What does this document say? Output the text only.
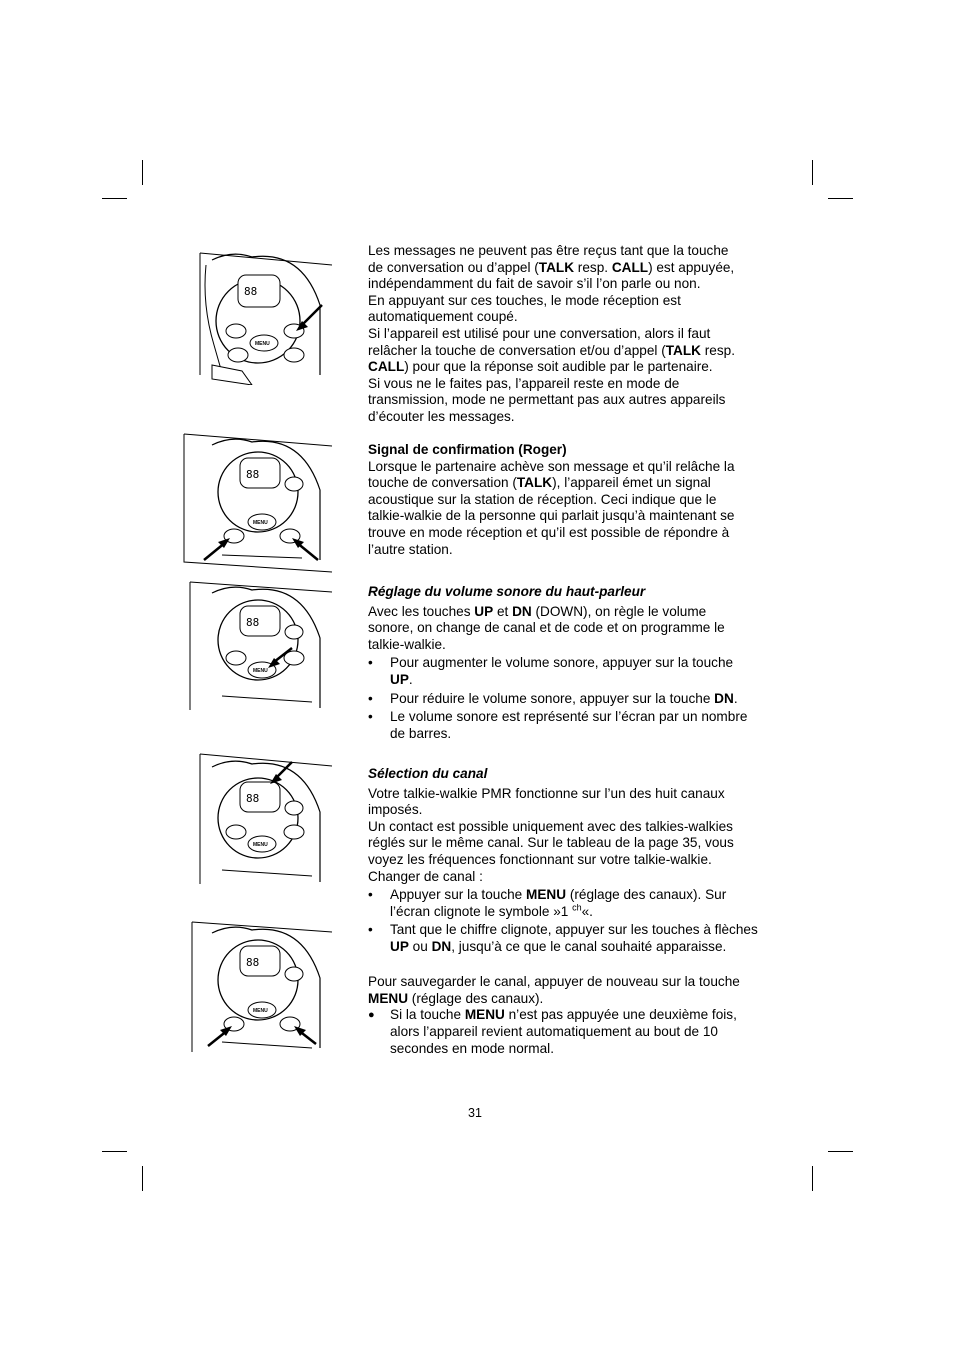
88
MENU
88
MENU
88
MENU
88
MENU
88
MENU

Les messages ne peuvent pas être reçus tant que la touche

de conversation ou d’appel (TALK resp. CALL) est appuyée,

indépendamment du fait de savoir s’il l’on parle ou non.

En appuyant sur ces touches, le mode réception est

automatiquement coupé.

Si l’appareil est utilisé pour une conversation, alors il faut

relâcher la touche de conversation et/ou d’appel (TALK resp.

CALL) pour que la réponse soit audible par le partenaire.

Si vous ne le faites pas, l’appareil reste en mode de

transmission, mode ne permettant pas aux autres appareils

d’écouter les messages.

Signal de confirmation (Roger)

Lorsque le partenaire achève son message et qu’il relâche la

touche de conversation (TALK), l’appareil émet un signal

acoustique sur la station de réception. Ceci indique que le

talkie-walkie de la personne qui parlait jusqu’à maintenant se

trouve en mode réception et qu’il est possible de répondre à

l’autre station.

Réglage du volume sonore du haut-parleur

Avec les touches UP et DN (DOWN), on règle le volume

sonore, on change de canal et de code et on programme le

talkie-walkie.

•	Pour augmenter le volume sonore, appuyer sur la touche
UP.
•	Pour réduire le volume sonore, appuyer sur la touche DN.
•	Le volume sonore est représenté sur l’écran par un nombre de barres.

Sélection du canal

Votre talkie-walkie PMR fonctionne sur l’un des huit canaux

imposés.

Un contact est possible uniquement avec des talkies-walkies

réglés sur le même canal. Sur le tableau de la page 35, vous

voyez les fréquences fonctionnant sur votre talkie-walkie.

Changer de canal :

•	Appuyer sur la touche MENU (réglage des canaux). Sur l’écran clignote le symbole »1 $^{ch}$«.
•	Tant que le chiffre clignote, appuyer sur les touches à flèches UP ou DN, jusqu’à ce que le canal souhaité apparaisse.

Pour sauvegarder le canal, appuyer de nouveau sur la touche

MENU (réglage des canaux).

●	Si la touche MENU n’est pas appuyée une deuxième fois, alors l’appareil revient automatiquement au bout de 10 secondes en mode normal.
31
